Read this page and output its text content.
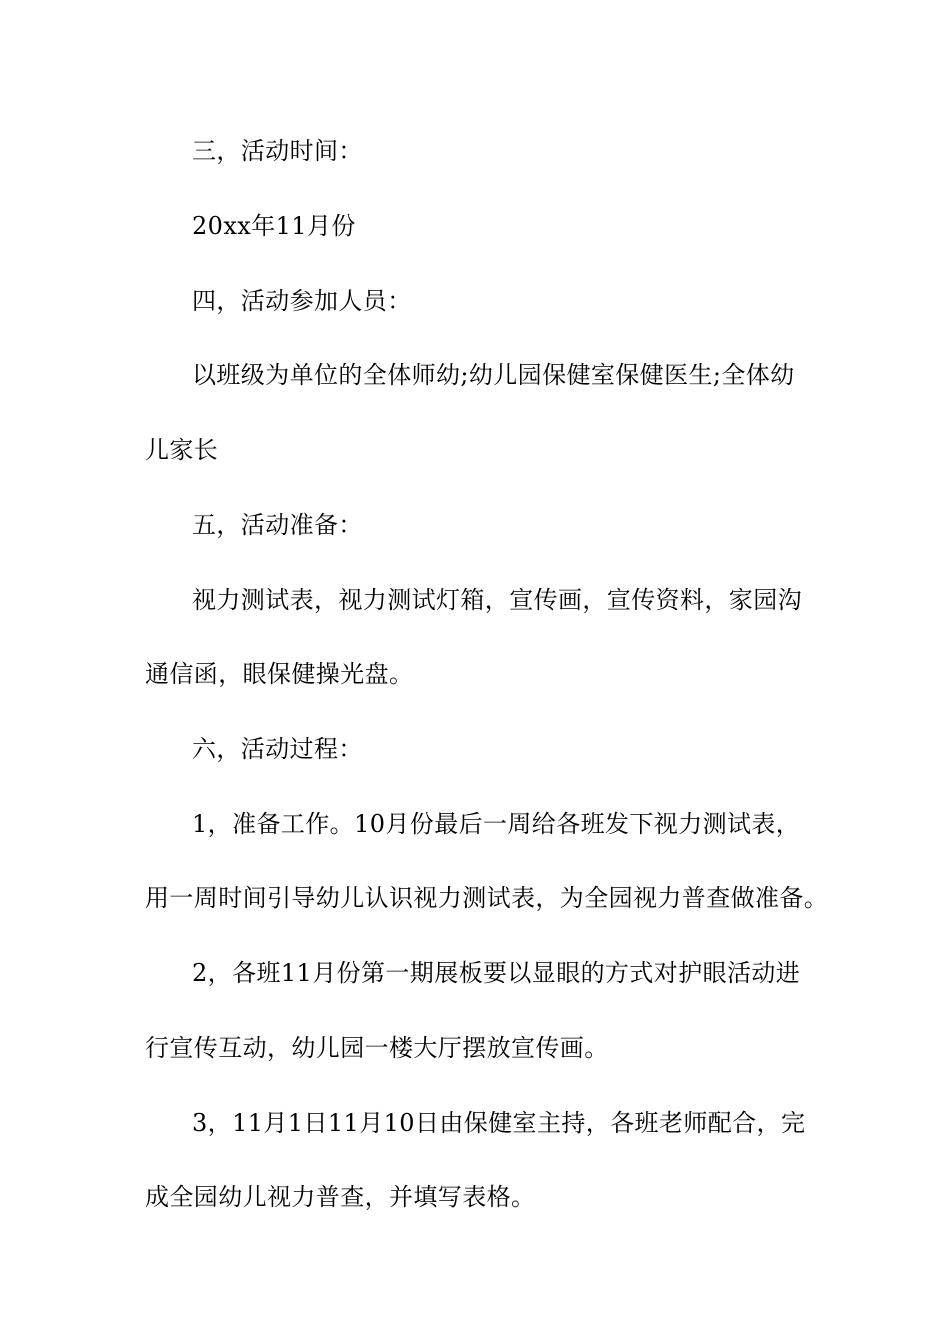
三，活动时间：

20xx年11月份

四，活动参加人员：

以班级为单位的全体师幼;幼儿园保健室保健医生;全体幼

儿家长

五，活动准备：

视力测试表，视力测试灯箱，宣传画，宣传资料，家园沟

通信函，眼保健操光盘。

六，活动过程：

1，准备工作。10月份最后一周给各班发下视力测试表，

用一周时间引导幼儿认识视力测试表，为全园视力普查做准备。

2，各班11月份第一期展板要以显眼的方式对护眼活动进

行宣传互动，幼儿园一楼大厅摆放宣传画。

3，11月1日11月10日由保健室主持，各班老师配合，完

成全园幼儿视力普查，并填写表格。
